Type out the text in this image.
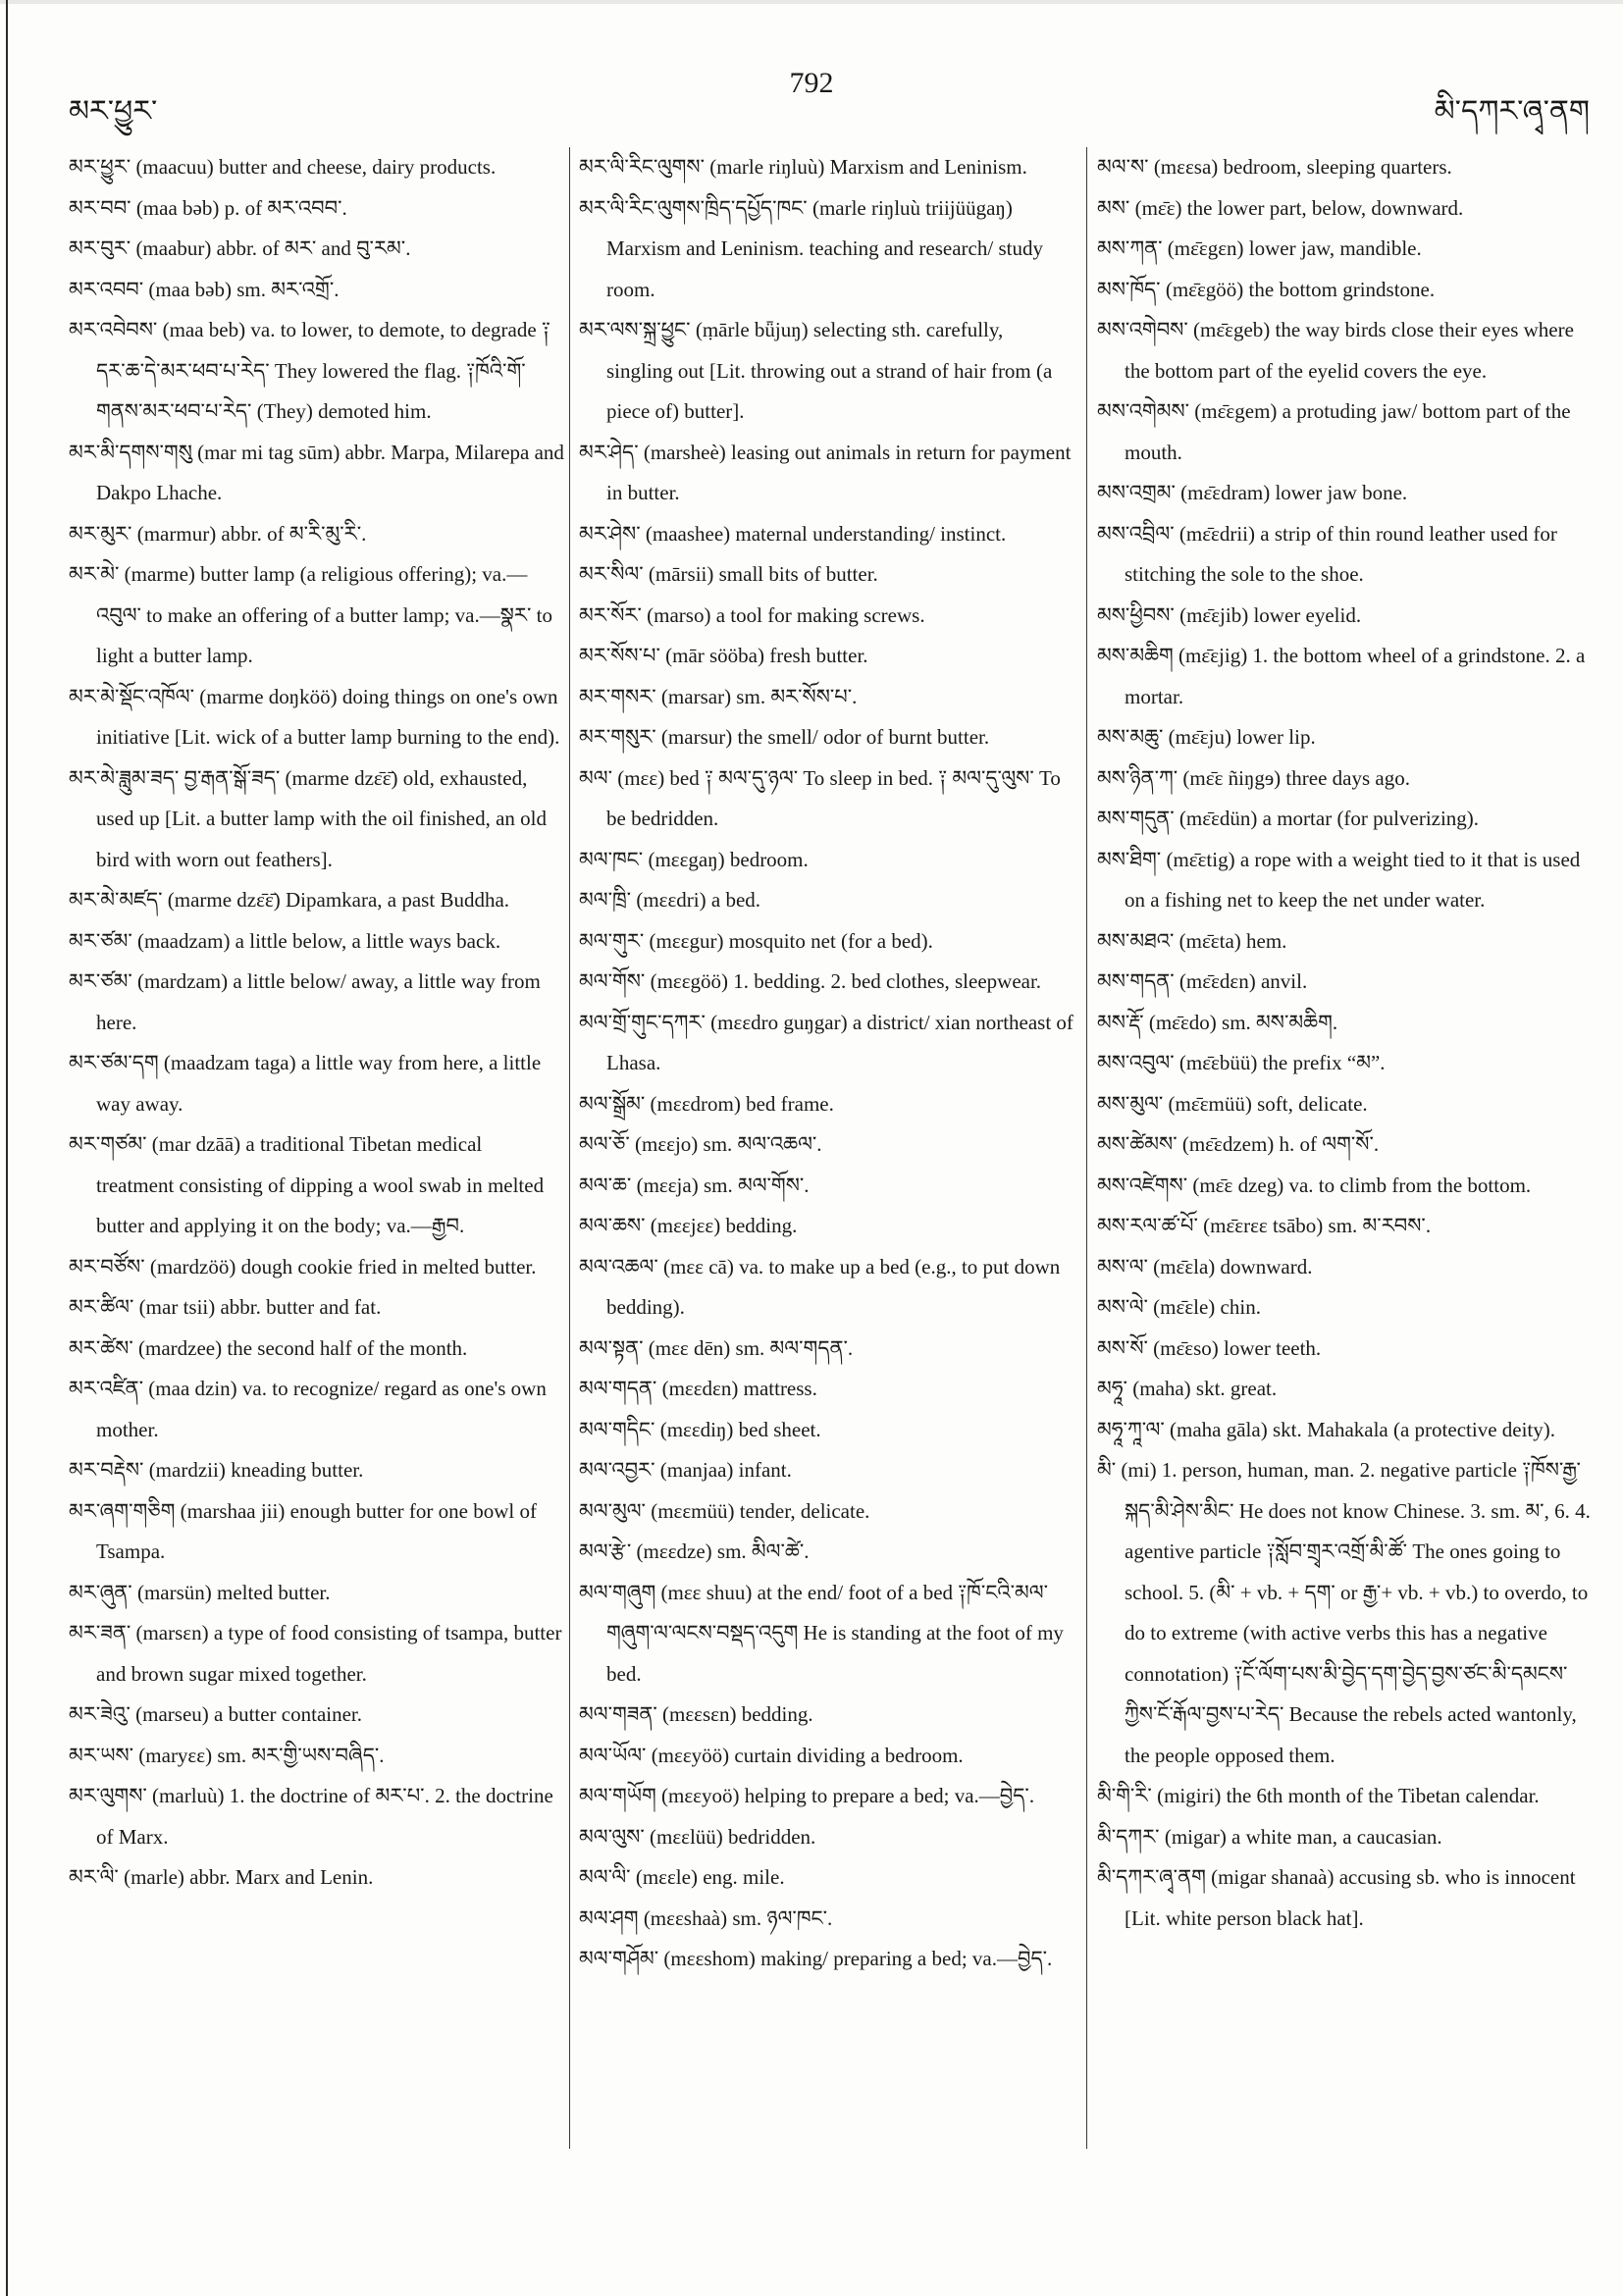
མར་ཕྱུར་
792
མི་དཀར་ཞྭ་ནག

མར་ཕྱུར་ (maacuu) butter and cheese, dairy products.

མར་བབ་ (maa bǝb) p. of མར་འབབ་.

མར་བུར་ (maabur) abbr. of མར་ and བུ་རམ་.

མར་འབབ་ (maa bǝb) sm. མར་འགྲོ་.

མར་འབེབས་ (maa beb) va. to lower, to demote, to degrade ༑ དར་ཆ་དེ་མར་ཕབ་པ་རེད་ They lowered the flag. ༑ཁོའི་གོ་གནས་མར་ཕབ་པ་རེད་ (They) demoted him.

མར་མི་དགས་གསུ (mar mi tag sūm) abbr. Marpa, Milarepa and Dakpo Lhache.

མར་མུར་ (marmur) abbr. of མ་རི་མུ་རི་.

མར་མེ་ (marme) butter lamp (a religious offering); va.—འབུལ་ to make an offering of a butter lamp; va.—སྣར་ to light a butter lamp.

མར་མེ་སྡོང་འཁོལ་ (marme doŋköö) doing things on one's own initiative [Lit. wick of a butter lamp burning to the end).

མར་མེ་ཟླུམ་ཟད་ བྱ་རྒན་སྒོ་ཟད་ (marme dzɛ̄ɛ̄) old, exhausted, used up [Lit. a butter lamp with the oil finished, an old bird with worn out feathers].

མར་མེ་མཛད་ (marme dzɛ̄ɛ̄) Dipamkara, a past Buddha.

མར་ཙམ་ (maadzam) a little below, a little ways back.

མར་ཙམ་ (mardzam) a little below/ away, a little way from here.

མར་ཙམ་དག (maadzam taga) a little way from here, a little way away.

མར་གཙམ་ (mar dzāā) a traditional Tibetan medical treatment consisting of dipping a wool swab in melted butter and applying it on the body; va.—རྒྱབ.

མར་བཙོས་ (mardzöö) dough cookie fried in melted butter.

མར་ཚིལ་ (mar tsii) abbr. butter and fat.

མར་ཚེས་ (mardzee) the second half of the month.

མར་འཛིན་ (maa dzin) va. to recognize/ regard as one's own mother.

མར་བརྡེས་ (mardzii) kneading butter.

མར་ཞག་གཅིག (marshaa jii) enough butter for one bowl of Tsampa.

མར་ཞུན་ (marsün) melted butter.

མར་ཟན་ (marsɛn) a type of food consisting of tsampa, butter and brown sugar mixed together.

མར་ཟེའུ་ (marseu) a butter container.

མར་ཡས་ (maryɛɛ) sm. མར་གྱི་ཡས་བཞིད་.

མར་ལུགས་ (marluù) 1. the doctrine of མར་པ་. 2. the doctrine of Marx.

མར་ལི་ (marle) abbr. Marx and Lenin.

མར་ལི་རིང་ལུགས་ (marle riŋluù) Marxism and Leninism.

མར་ལི་རིང་ལུགས་ཁྲིད་དཔྱོད་ཁང་ (marle riŋluù triijüügaŋ) Marxism and Leninism. teaching and research/ study room.

མར་ལས་སྐྲ་ཕྱུང་ (ṃārle bǖjuŋ) selecting sth. carefully, singling out [Lit. throwing out a strand of hair from (a piece of) butter].

མར་ཤེད་ (marsheè) leasing out animals in return for payment in butter.

མར་ཤེས་ (maashee) maternal understanding/ instinct.

མར་སིལ་ (mārsii) small bits of butter.

མར་སོར་ (marso) a tool for making screws.

མར་སོས་པ་ (mār sööba) fresh butter.

མར་གསར་ (marsar) sm. མར་སོས་པ་.

མར་གསུར་ (marsur) the smell/ odor of burnt butter.

མལ་ (mɛɛ) bed ༑ མལ་དུ་ཉལ་ To sleep in bed. ༑ མལ་དུ་ལུས་ To be bedridden.

མལ་ཁང་ (mɛɛgaŋ) bedroom.

མལ་ཁྲི་ (mɛɛdri) a bed.

མལ་གུར་ (mɛɛgur) mosquito net (for a bed).

མལ་གོས་ (mɛɛgöö) 1. bedding. 2. bed clothes, sleepwear.

མལ་གྲོ་གུང་དཀར་ (mɛɛdro guŋgar) a district/ xian northeast of Lhasa.

མལ་སྒྲོམ་ (mɛɛdrom) bed frame.

མལ་ཅོ་ (mɛɛjo) sm. མལ་འཆལ་.

མལ་ཆ་ (mɛɛja) sm. མལ་གོས་.

མལ་ཆས་ (mɛɛjɛɛ) bedding.

མལ་འཆལ་ (mɛɛ cā) va. to make up a bed (e.g., to put down bedding).

མལ་སྟན་ (mɛɛ dēn) sm. མལ་གདན་.

མལ་གདན་ (mɛɛdɛn) mattress.

མལ་གདིང་ (mɛɛdiŋ) bed sheet.

མལ་འབྱར་ (manjaa) infant.

མལ་མུལ་ (mɛɛmüü) tender, delicate.

མལ་རྩེ་ (mɛɛdze) sm. མིལ་ཚེ་.

མལ་གཞུག (mɛɛ shuu) at the end/ foot of a bed ༑ཁོ་ངའི་མལ་གཞུག་ལ་ལངས་བསྡད་འདུག He is standing at the foot of my bed.

མལ་གཟན་ (mɛɛsɛn) bedding.

མལ་ཡོལ་ (mɛɛyöö) curtain dividing a bedroom.

མལ་གཡོག (mɛɛyoö) helping to prepare a bed; va.—བྱེད་.

མལ་ལུས་ (mɛɛlüü) bedridden.

མལ་ལི་ (mɛɛle) eng. mile.

མལ་ཤག (mɛɛshaà) sm. ཉལ་ཁང་.

མལ་གཤོམ་ (mɛɛshom) making/ preparing a bed; va.—བྱེད་.

མལ་ས་ (mɛɛsa) bedroom, sleeping quarters.

མས་ (mɛ̄ɛ) the lower part, below, downward.

མས་ཀན་ (mɛ̄ɛgɛn) lower jaw, mandible.

མས་ཁོད་ (mɛ̄ɛgöö) the bottom grindstone.

མས་འགེབས་ (mɛ̄ɛgeb) the way birds close their eyes where the bottom part of the eyelid covers the eye.

མས་འགེམས་ (mɛ̄ɛgem) a protuding jaw/ bottom part of the mouth.

མས་འགྲམ་ (mɛ̄ɛdram) lower jaw bone.

མས་འབྲིལ་ (mɛ̄ɛdrii) a strip of thin round leather used for stitching the sole to the shoe.

མས་ཕྱིབས་ (mɛ̄ɛjib) lower eyelid.

མས་མཆིག (mɛ̄ɛjig) 1. the bottom wheel of a grindstone. 2. a mortar.

མས་མཆུ་ (mɛ̄ɛju) lower lip.

མས་ཉིན་ཀ་ (mɛ̄ɛ ñiŋgɘ) three days ago.

མས་གདུན་ (mɛ̄ɛdün) a mortar (for pulverizing).

མས་ཐིག་ (mɛ̄ɛtig) a rope with a weight tied to it that is used on a fishing net to keep the net under water.

མས་མཐའ་ (mɛ̄ɛta) hem.

མས་གདན་ (mɛ̄ɛdɛn) anvil.

མས་རྡོ་ (mɛ̄ɛdo) sm. མས་མཆིག.

མས་འབུལ་ (mɛ̄ɛbüü) the prefix “མ”.

མས་མུལ་ (mɛ̄ɛmüü) soft, delicate.

མས་ཚེམས་ (mɛ̄ɛdzem) h. of ལག་སོ་.

མས་འཛེགས་ (mɛ̄ɛ dzeg) va. to climb from the bottom.

མས་རལ་ཚ་པོ་ (mɛ̄ɛrɛɛ tsābo) sm. མ་རབས་.

མས་ལ་ (mɛ̄ɛla) downward.

མས་ལེ་ (mɛ̄ɛle) chin.

མས་སོ་ (mɛ̄ɛso) lower teeth.

མཧཱ་ (maha) skt. great.

མཧཱ་ཀཱ་ལ་ (maha gāla) skt. Mahakala (a protective deity).

མི་ (mi) 1. person, human, man. 2. negative particle ༑ཁོས་རྒྱ་སྐད་མི་ཤེས་མིང་ He does not know Chinese. 3. sm. མ་, 6. 4. agentive particle ༑སློབ་གྲྭར་འགྲོ་མི་ཚོ་ The ones going to school. 5. (མི་ + vb. + དག་ or རྒྱ་+ vb. + vb.) to overdo, to do to extreme (with active verbs this has a negative connotation) ༑ངོ་ལོག་པས་མི་བྱེད་དག་བྱེད་བྱས་ཙང་མི་དམངས་ཀྱིས་ངོ་རྒོལ་བྱས་པ་རེད་ Because the rebels acted wantonly, the people opposed them.

མི་གི་རི་ (migiri) the 6th month of the Tibetan calendar.

མི་དཀར་ (migar) a white man, a caucasian.

མི་དཀར་ཞྭ་ནག (migar shanaà) accusing sb. who is innocent [Lit. white person black hat].
